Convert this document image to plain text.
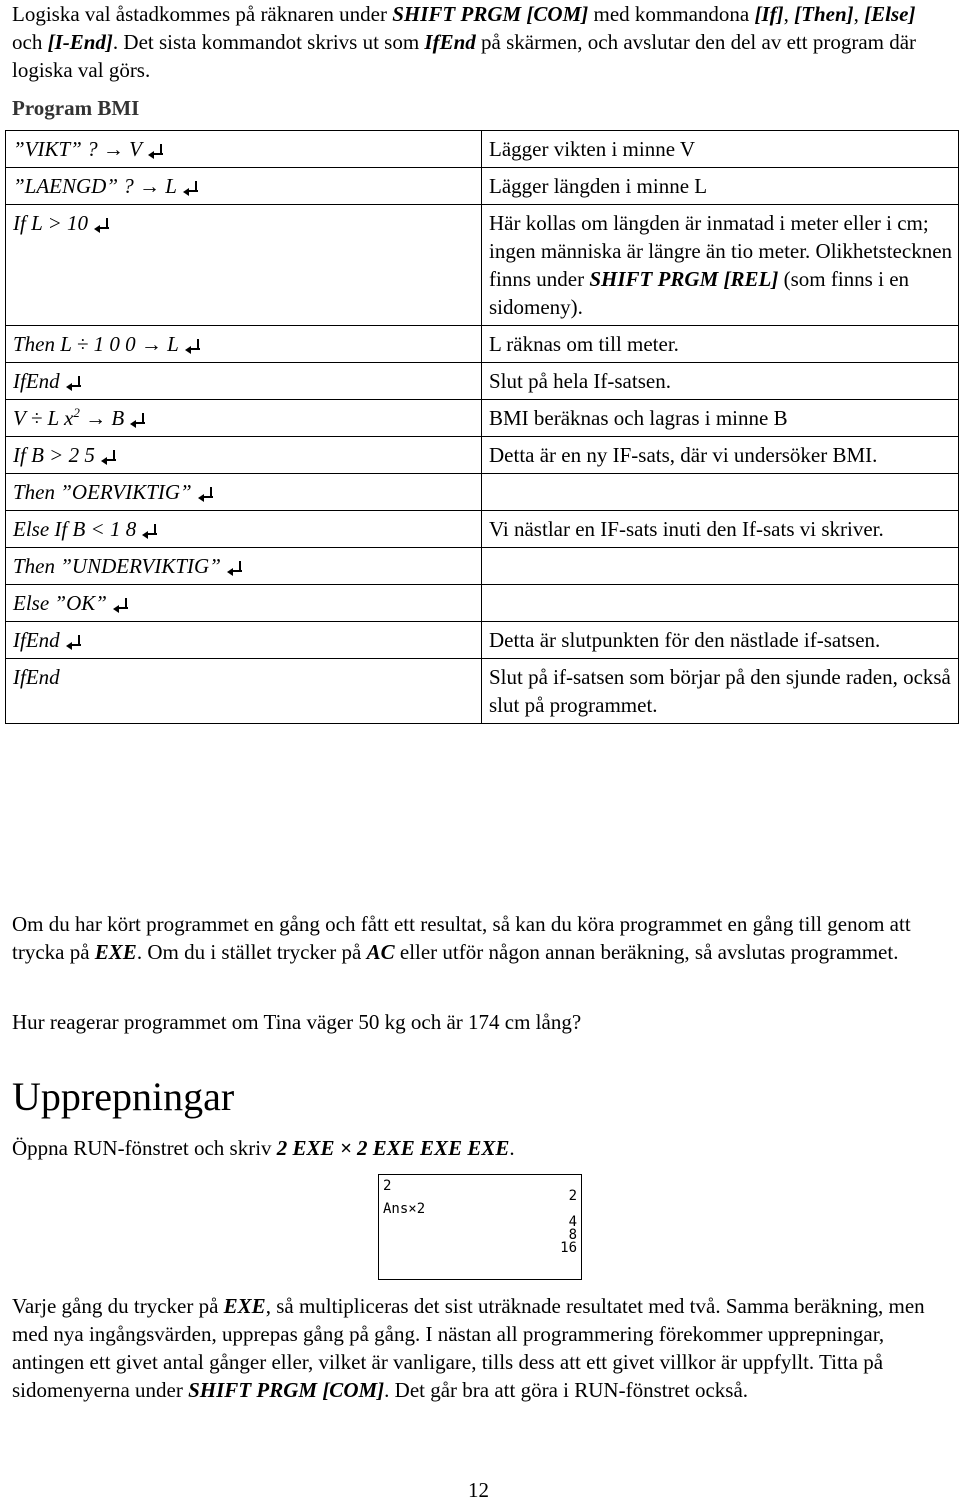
Logiska val åstadkommes på räknaren under SHIFT PRGM [COM] med kommandona [If], [Then], [Else] och [I-End]. Det sista kommandot skrivs ut som IfEnd på skärmen, och avslutar den del av ett program där logiska val görs.

Program BMI
”VIKT” ? → V	Lägger vikten i minne V
”LAENGD” ? → L	Lägger längden i minne L
If L > 10	Här kollas om längden är inmatad i meter eller i cm; ingen människa är längre än tio meter. Olikhetstecknen finns under SHIFT PRGM [REL] (som finns i en sidomeny).
Then L ÷ 1 0 0 → L	L räknas om till meter.
IfEnd	Slut på hela If-satsen.
V ÷ L $x^2 \to B$	BMI beräknas och lagras i minne B
If B > 2 5	Detta är en ny IF-sats, där vi undersöker BMI.
Then ”OERVIKTIG”

Else If B < 1 8	Vi nästlar en IF-sats inuti den If-sats vi skriver.
Then ”UNDERVIKTIG”

Else ”OK”

IfEnd	Detta är slutpunkten för den nästlade if-satsen.
IfEnd	Slut på if-satsen som börjar på den sjunde raden, också slut på programmet.

Om du har kört programmet en gång och fått ett resultat, så kan du köra programmet en gång till genom att trycka på EXE. Om du i stället trycker på AC eller utför någon annan beräkning, så avslutas programmet.

Hur reagerar programmet om Tina väger 50 kg och är 174 cm lång?

Upprepningar

Öppna RUN-fönstret och skriv 2 EXE × 2 EXE EXE EXE.

2
Ans×2
2
4
8
16

Varje gång du trycker på EXE, så multipliceras det sist uträknade resultatet med två. Samma beräkning, men med nya ingångsvärden, upprepas gång på gång. I nästan all programmering förekommer upprepningar, antingen ett givet antal gånger eller, vilket är vanligare, tills dess att ett givet villkor är uppfyllt. Titta på sidomenyerna under SHIFT PRGM [COM]. Det går bra att göra i RUN-fönstret också.

12
